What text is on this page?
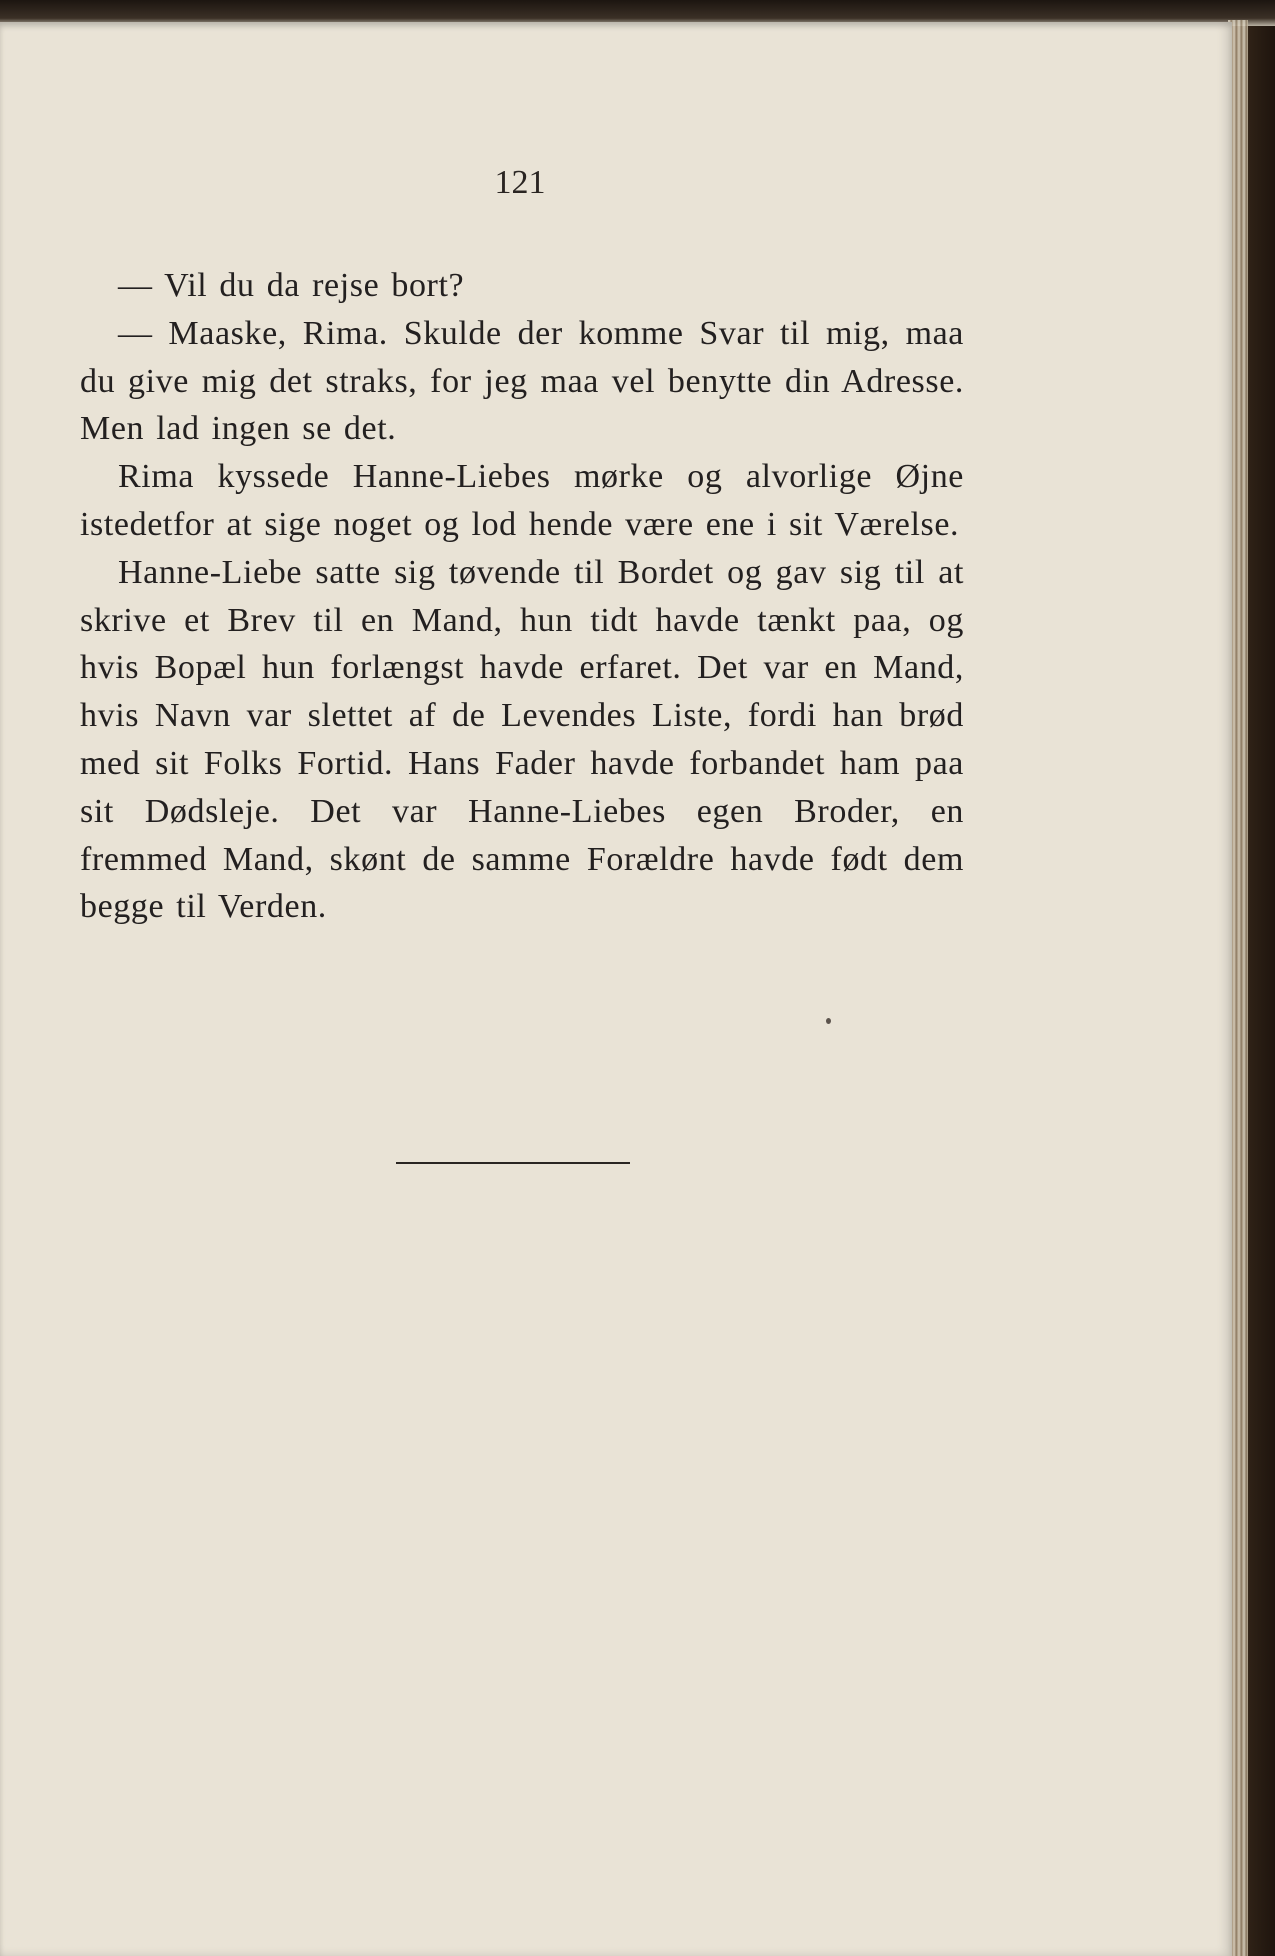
121

— Vil du da rejse bort?

— Maaske, Rima. Skulde der komme Svar til mig, maa du give mig det straks, for jeg maa vel benytte din Adresse. Men lad ingen se det.

Rima kyssede Hanne-Liebes mørke og alvorlige Øjne istedetfor at sige noget og lod hende være ene i sit Værelse.

Hanne-Liebe satte sig tøvende til Bordet og gav sig til at skrive et Brev til en Mand, hun tidt havde tænkt paa, og hvis Bopæl hun forlængst havde erfaret. Det var en Mand, hvis Navn var slettet af de Levendes Liste, fordi han brød med sit Folks Fortid. Hans Fader havde forbandet ham paa sit Dødsleje. Det var Hanne-Liebes egen Broder, en fremmed Mand, skønt de samme Forældre havde født dem begge til Verden.
